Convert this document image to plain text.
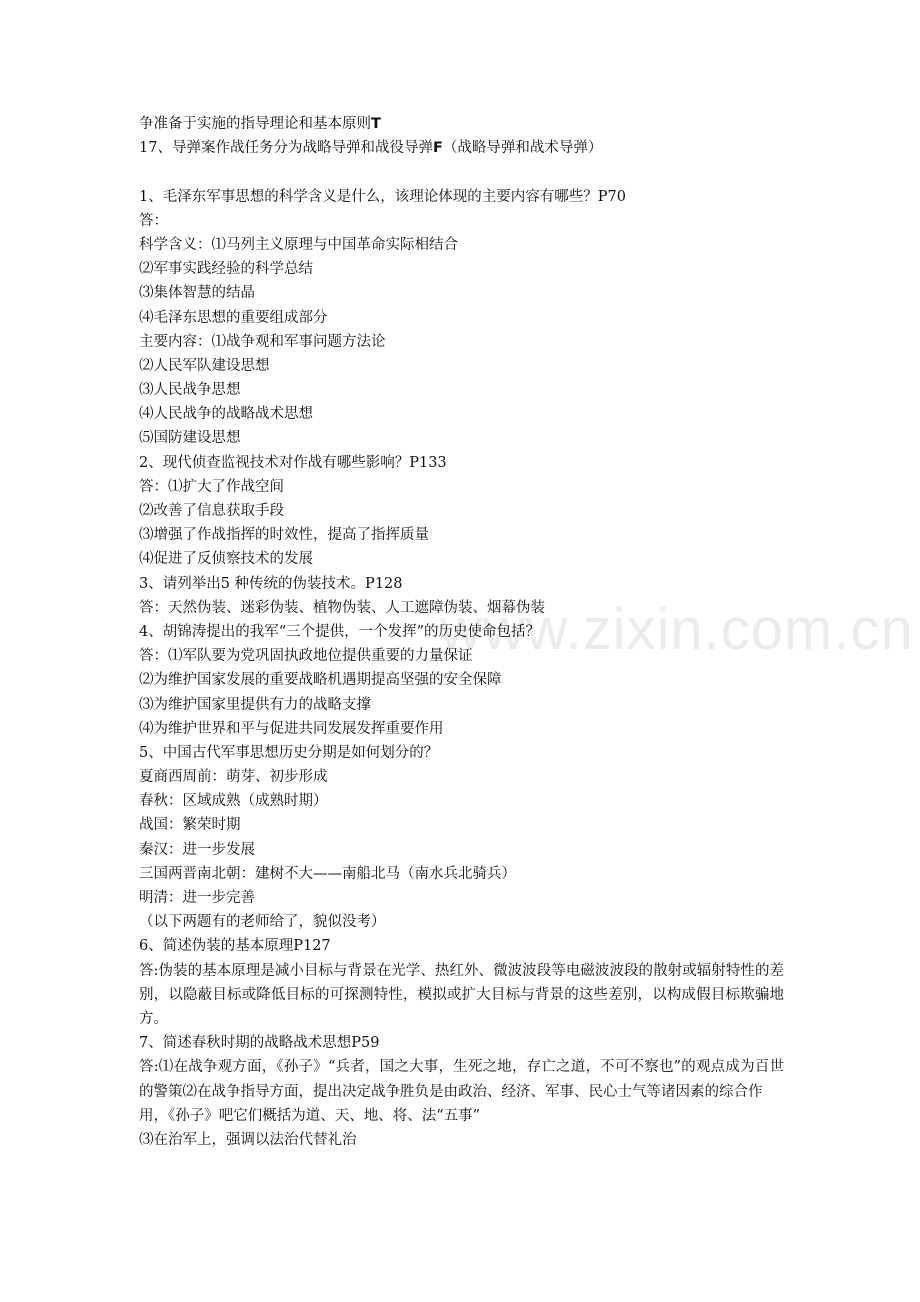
www.zixin.com.cn
争准备于实施的指导理论和基本原则T
17、导弹案作战任务分为战略导弹和战役导弹F（战略导弹和战术导弹）
1、毛泽东军事思想的科学含义是什么，该理论体现的主要内容有哪些？P70
答：
科学含义：⑴马列主义原理与中国革命实际相结合
⑵军事实践经验的科学总结
⑶集体智慧的结晶
⑷毛泽东思想的重要组成部分
主要内容：⑴战争观和军事问题方法论
⑵人民军队建设思想
⑶人民战争思想
⑷人民战争的战略战术思想
⑸国防建设思想
2、现代侦查监视技术对作战有哪些影响？P133
答：⑴扩大了作战空间
⑵改善了信息获取手段
⑶增强了作战指挥的时效性，提高了指挥质量
⑷促进了反侦察技术的发展
3、请列举出5 种传统的伪装技术。P128
答：天然伪装、迷彩伪装、植物伪装、人工遮障伪装、烟幕伪装
4、胡锦涛提出的我军“三个提供，一个发挥”的历史使命包括？
答：⑴军队要为党巩固执政地位提供重要的力量保证
⑵为维护国家发展的重要战略机遇期提高坚强的安全保障
⑶为维护国家里提供有力的战略支撑
⑷为维护世界和平与促进共同发展发挥重要作用
5、中国古代军事思想历史分期是如何划分的？
夏商西周前：萌芽、初步形成
春秋：区域成熟（成熟时期）
战国：繁荣时期
秦汉：进一步发展
三国两晋南北朝：建树不大——南船北马（南水兵北骑兵）
明清：进一步完善
（以下两题有的老师给了，貌似没考）
6、简述伪装的基本原理P127
答:伪装的基本原理是减小目标与背景在光学、热红外、微波波段等电磁波波段的散射或辐射特性的差别，以隐蔽目标或降低目标的可探测特性，模拟或扩大目标与背景的这些差别，以构成假目标欺骗地方。
7、简述春秋时期的战略战术思想P59
答:⑴在战争观方面，《孙子》“兵者，国之大事，生死之地，存亡之道，不可不察也”的观点成为百世的警策⑵在战争指导方面，提出决定战争胜负是由政治、经济、军事、民心士气等诸因素的综合作
用，《孙子》吧它们概括为道、天、地、将、法“五事”
⑶在治军上，强调以法治代替礼治
